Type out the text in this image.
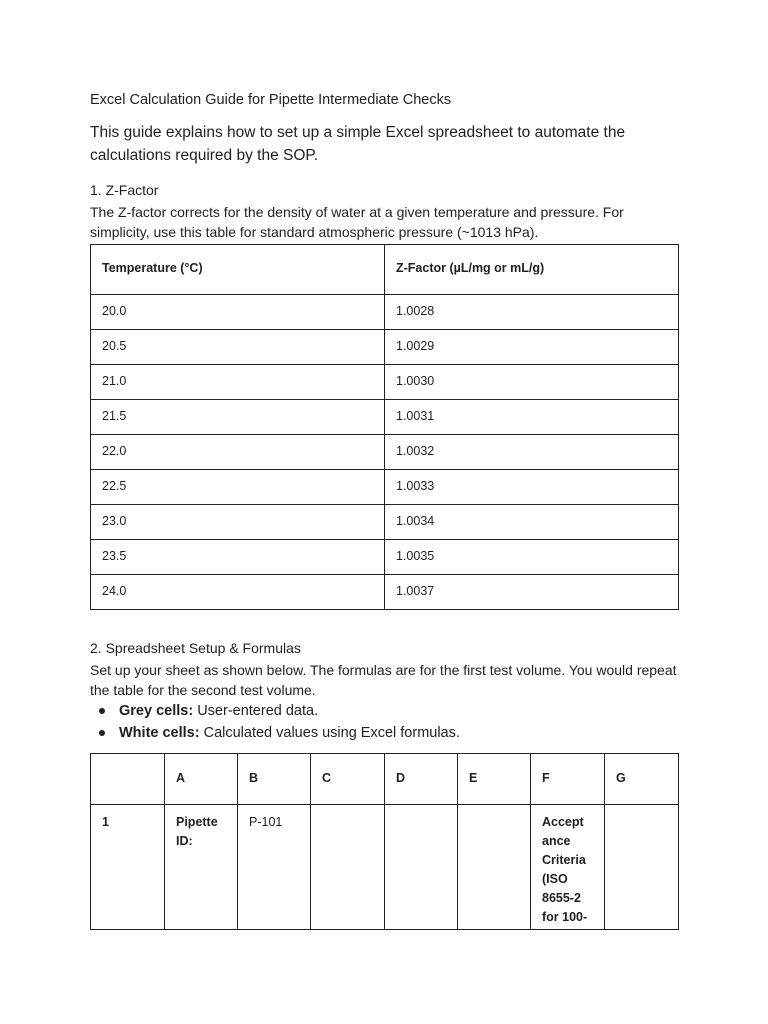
Excel Calculation Guide for Pipette Intermediate Checks

This guide explains how to set up a simple Excel spreadsheet to automate the calculations required by the SOP.

1. Z-Factor

The Z-factor corrects for the density of water at a given temperature and pressure. For simplicity, use this table for standard atmospheric pressure (~1013 hPa).

Temperature (°C)	Z-Factor (µL/mg or mL/g)
20.0	1.0028
20.5	1.0029
21.0	1.0030
21.5	1.0031
22.0	1.0032
22.5	1.0033
23.0	1.0034
23.5	1.0035
24.0	1.0037
2. Spreadsheet Setup & Formulas

Set up your sheet as shown below. The formulas are for the first test volume. You would repeat the table for the second test volume.

Grey cells: User-entered data.
White cells: Calculated values using Excel formulas.
	A	B	C	D	E	F	G
1	Pipette ID:	P-101				Accept ance Criteria (ISO 8655-2 for 100-	
